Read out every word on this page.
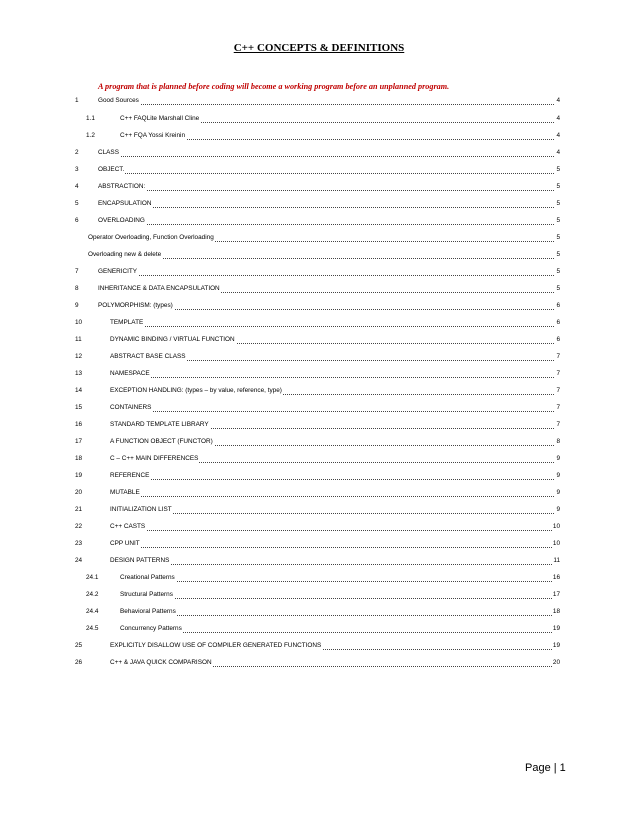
C++ CONCEPTS & DEFINITIONS
A program that is planned before coding will become a working program before an unplanned program.
1	Good Sources	4
1.1	C++ FAQLite Marshall Cline	4
1.2	C++ FQA Yossi Kreinin	4
2	CLASS	4
3	OBJECT.	5
4	ABSTRACTION:	5
5	ENCAPSULATION	5
6	OVERLOADING	5
Operator Overloading, Function Overloading	5
Overloading new & delete	5
7	GENERICITY	5
8	INHERITANCE & DATA ENCAPSULATION	5
9	POLYMORPHISM: (types)	6
10	TEMPLATE	6
11	DYNAMIC BINDING / VIRTUAL FUNCTION	6
12	ABSTRACT BASE CLASS	7
13	NAMESPACE	7
14	EXCEPTION HANDLING: (types – by value, reference, type)	7
15	CONTAINERS	7
16	STANDARD TEMPLATE LIBRARY	7
17	A FUNCTION OBJECT (FUNCTOR)	8
18	C – C++ MAIN DIFFERENCES	9
19	REFERENCE	9
20	MUTABLE	9
21	INITIALIZATION LIST	9
22	C++ CASTS	10
23	CPP UNIT	10
24	DESIGN PATTERNS	11
24.1	Creational Patterns	16
24.2	Structural Patterns	17
24.4	Behavioral Patterns	18
24.5	Concurrency Patterns	19
25	EXPLICITLY DISALLOW USE OF COMPILER GENERATED FUNCTIONS	19
26	C++ & JAVA QUICK COMPARISON	20
Page | 1
